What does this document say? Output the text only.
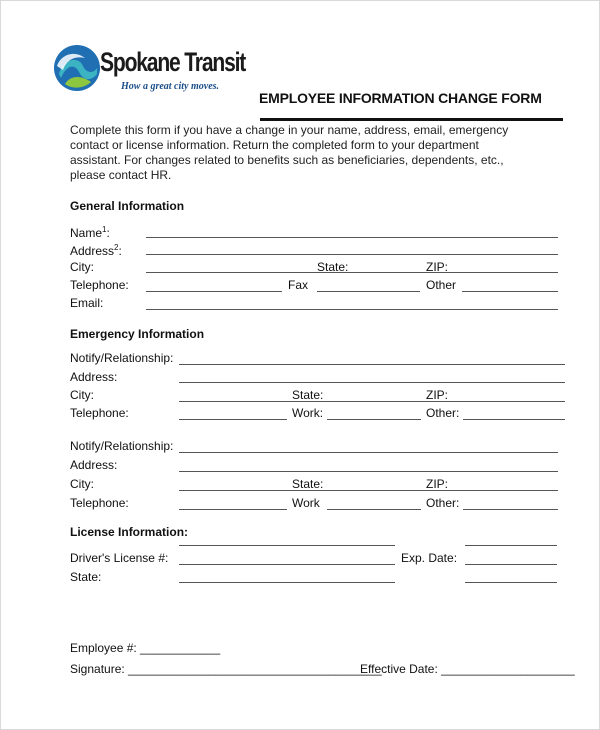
Spokane Transit
How a great city moves.
EMPLOYEE INFORMATION CHANGE FORM
Complete this form if you have a change in your name, address, email, emergency
contact or license information. Return the completed form to your department
assistant. For changes related to benefits such as beneficiaries, dependents, etc.,
please contact HR.
General Information
Name$^1$:
Address$^2$:
City:	State:	ZIP:
Telephone:	Fax	Other
Email:
Emergency Information
Notify/Relationship:
Address:
City:	State:	ZIP:
Telephone:	Work:	Other:
Notify/Relationship:
Address:
City:	State:	ZIP:
Telephone:	Work	Other:
License Information:
Driver's License #:	Exp. Date:
State:
Employee #: ____________
Signature: ______________________________________
Effective Date: ____________________
